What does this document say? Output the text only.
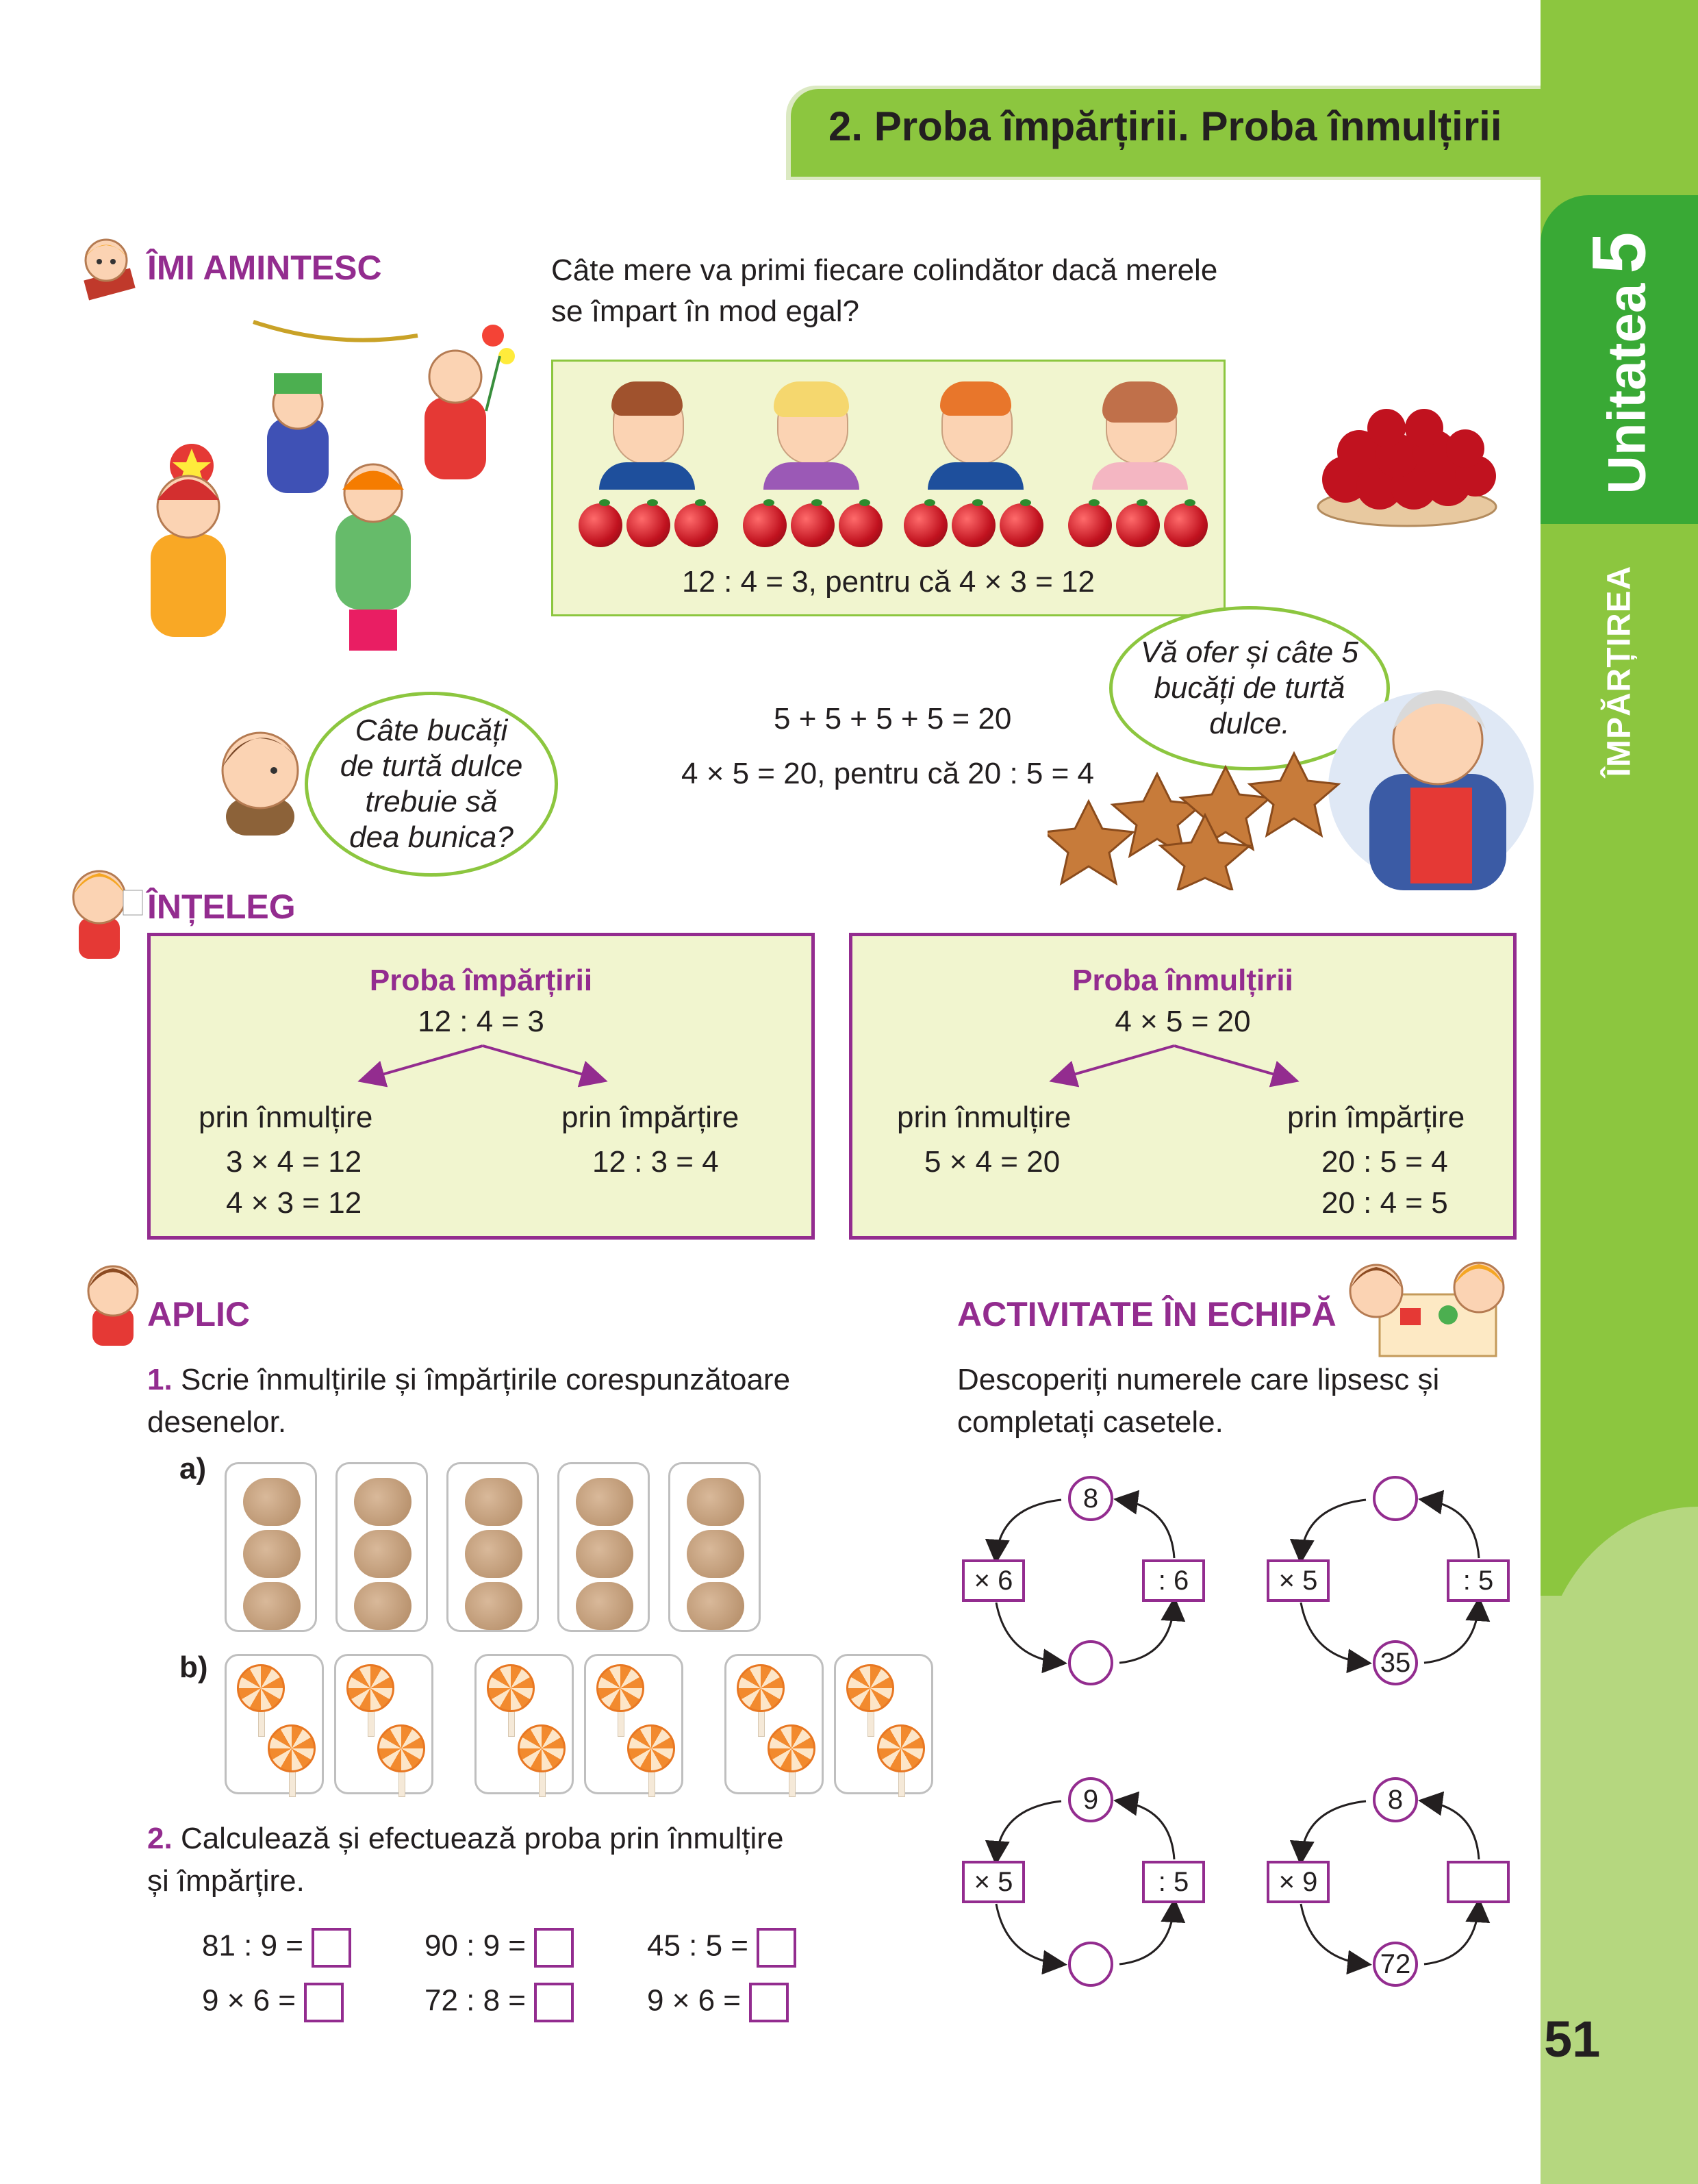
Unitatea5
ÎMPĂRȚIREA
51
2. Proba împărțirii. Proba înmulțirii
ÎMI AMINTESC	Câte mere va primi fiecare colindător dacă merele
se împart în mod egal?
12 : 4 = 3, pentru că 4 × 3 = 12
Câte bucăți de turtă dulce trebuie să dea bunica?
5 + 5 + 5 + 5 = 20
4 × 5 = 20, pentru că 20 : 5 = 4
Vă ofer și câte 5 bucăți de turtă dulce.
ÎNȚELEG
Proba împărțirii
12 : 4 = 3
prin înmulțire
3 × 4 = 12
4 × 3 = 12
prin împărțire
12 : 3 = 4
Proba înmulțirii
4 × 5 = 20
prin înmulțire
5 × 4 = 20
prin împărțire
20 : 5 = 4
20 : 4 = 5
APLIC
1. Scrie înmulțirile și împărțirile corespunzătoare
desenelor.
a)
b)
2. Calculează și efectuează proba prin înmulțire
și împărțire.
81 : 9 =	90 : 9 =	45 : 5 =
9 × 6 =	72 : 8 =	9 × 6 =
ACTIVITATE ÎN ECHIPĂ
Descoperiți numerele care lipsesc și
completați casetele.
8
× 6	: 6
35
× 5	: 5
9
× 5	: 5
8
72
× 9
